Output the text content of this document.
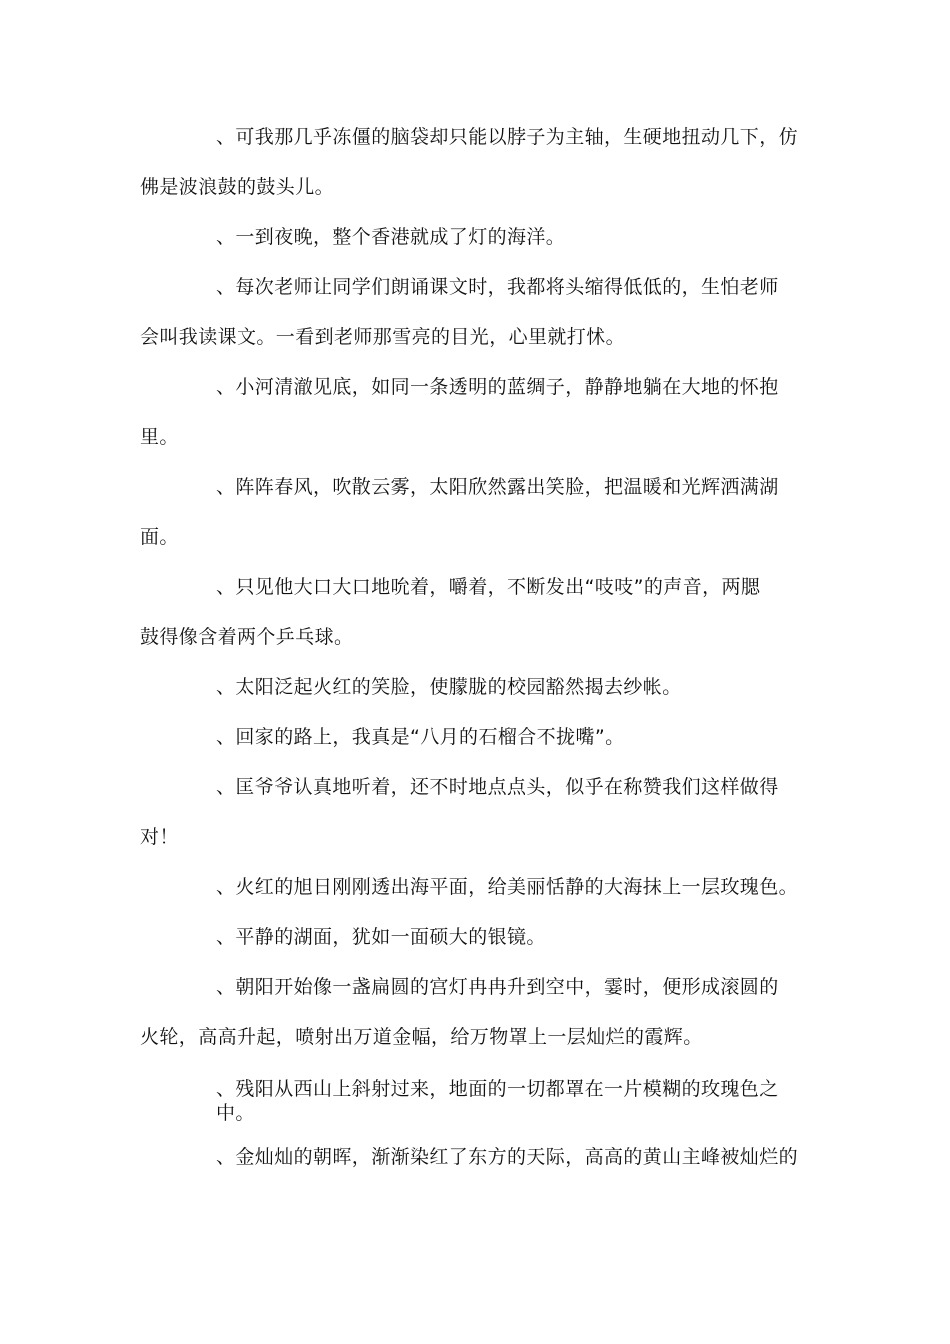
、可我那几乎冻僵的脑袋却只能以脖子为主轴，生硬地扭动几下，仿
佛是波浪鼓的鼓头儿。

、一到夜晚，整个香港就成了灯的海洋。

、每次老师让同学们朗诵课文时，我都将头缩得低低的，生怕老师
会叫我读课文。一看到老师那雪亮的目光，心里就打怵。

、小河清澈见底，如同一条透明的蓝绸子，静静地躺在大地的怀抱
里。

、阵阵春风，吹散云雾，太阳欣然露出笑脸，把温暖和光辉洒满湖
面。

、只见他大口大口地吮着，嚼着，不断发出“吱吱”的声音，两腮
鼓得像含着两个乒乓球。

、太阳泛起火红的笑脸，使朦胧的校园豁然揭去纱帐。

、回家的路上，我真是“八月的石榴合不拢嘴”。

、匡爷爷认真地听着，还不时地点点头，似乎在称赞我们这样做得
对！

、火红的旭日刚刚透出海平面，给美丽恬静的大海抹上一层玫瑰色。

、平静的湖面，犹如一面硕大的银镜。

、朝阳开始像一盏扁圆的宫灯冉冉升到空中，霎时，便形成滚圆的
火轮，高高升起，喷射出万道金幅，给万物罩上一层灿烂的霞辉。

、残阳从西山上斜射过来，地面的一切都罩在一片模糊的玫瑰色之
中。

、金灿灿的朝晖，渐渐染红了东方的天际，高高的黄山主峰被灿烂的
